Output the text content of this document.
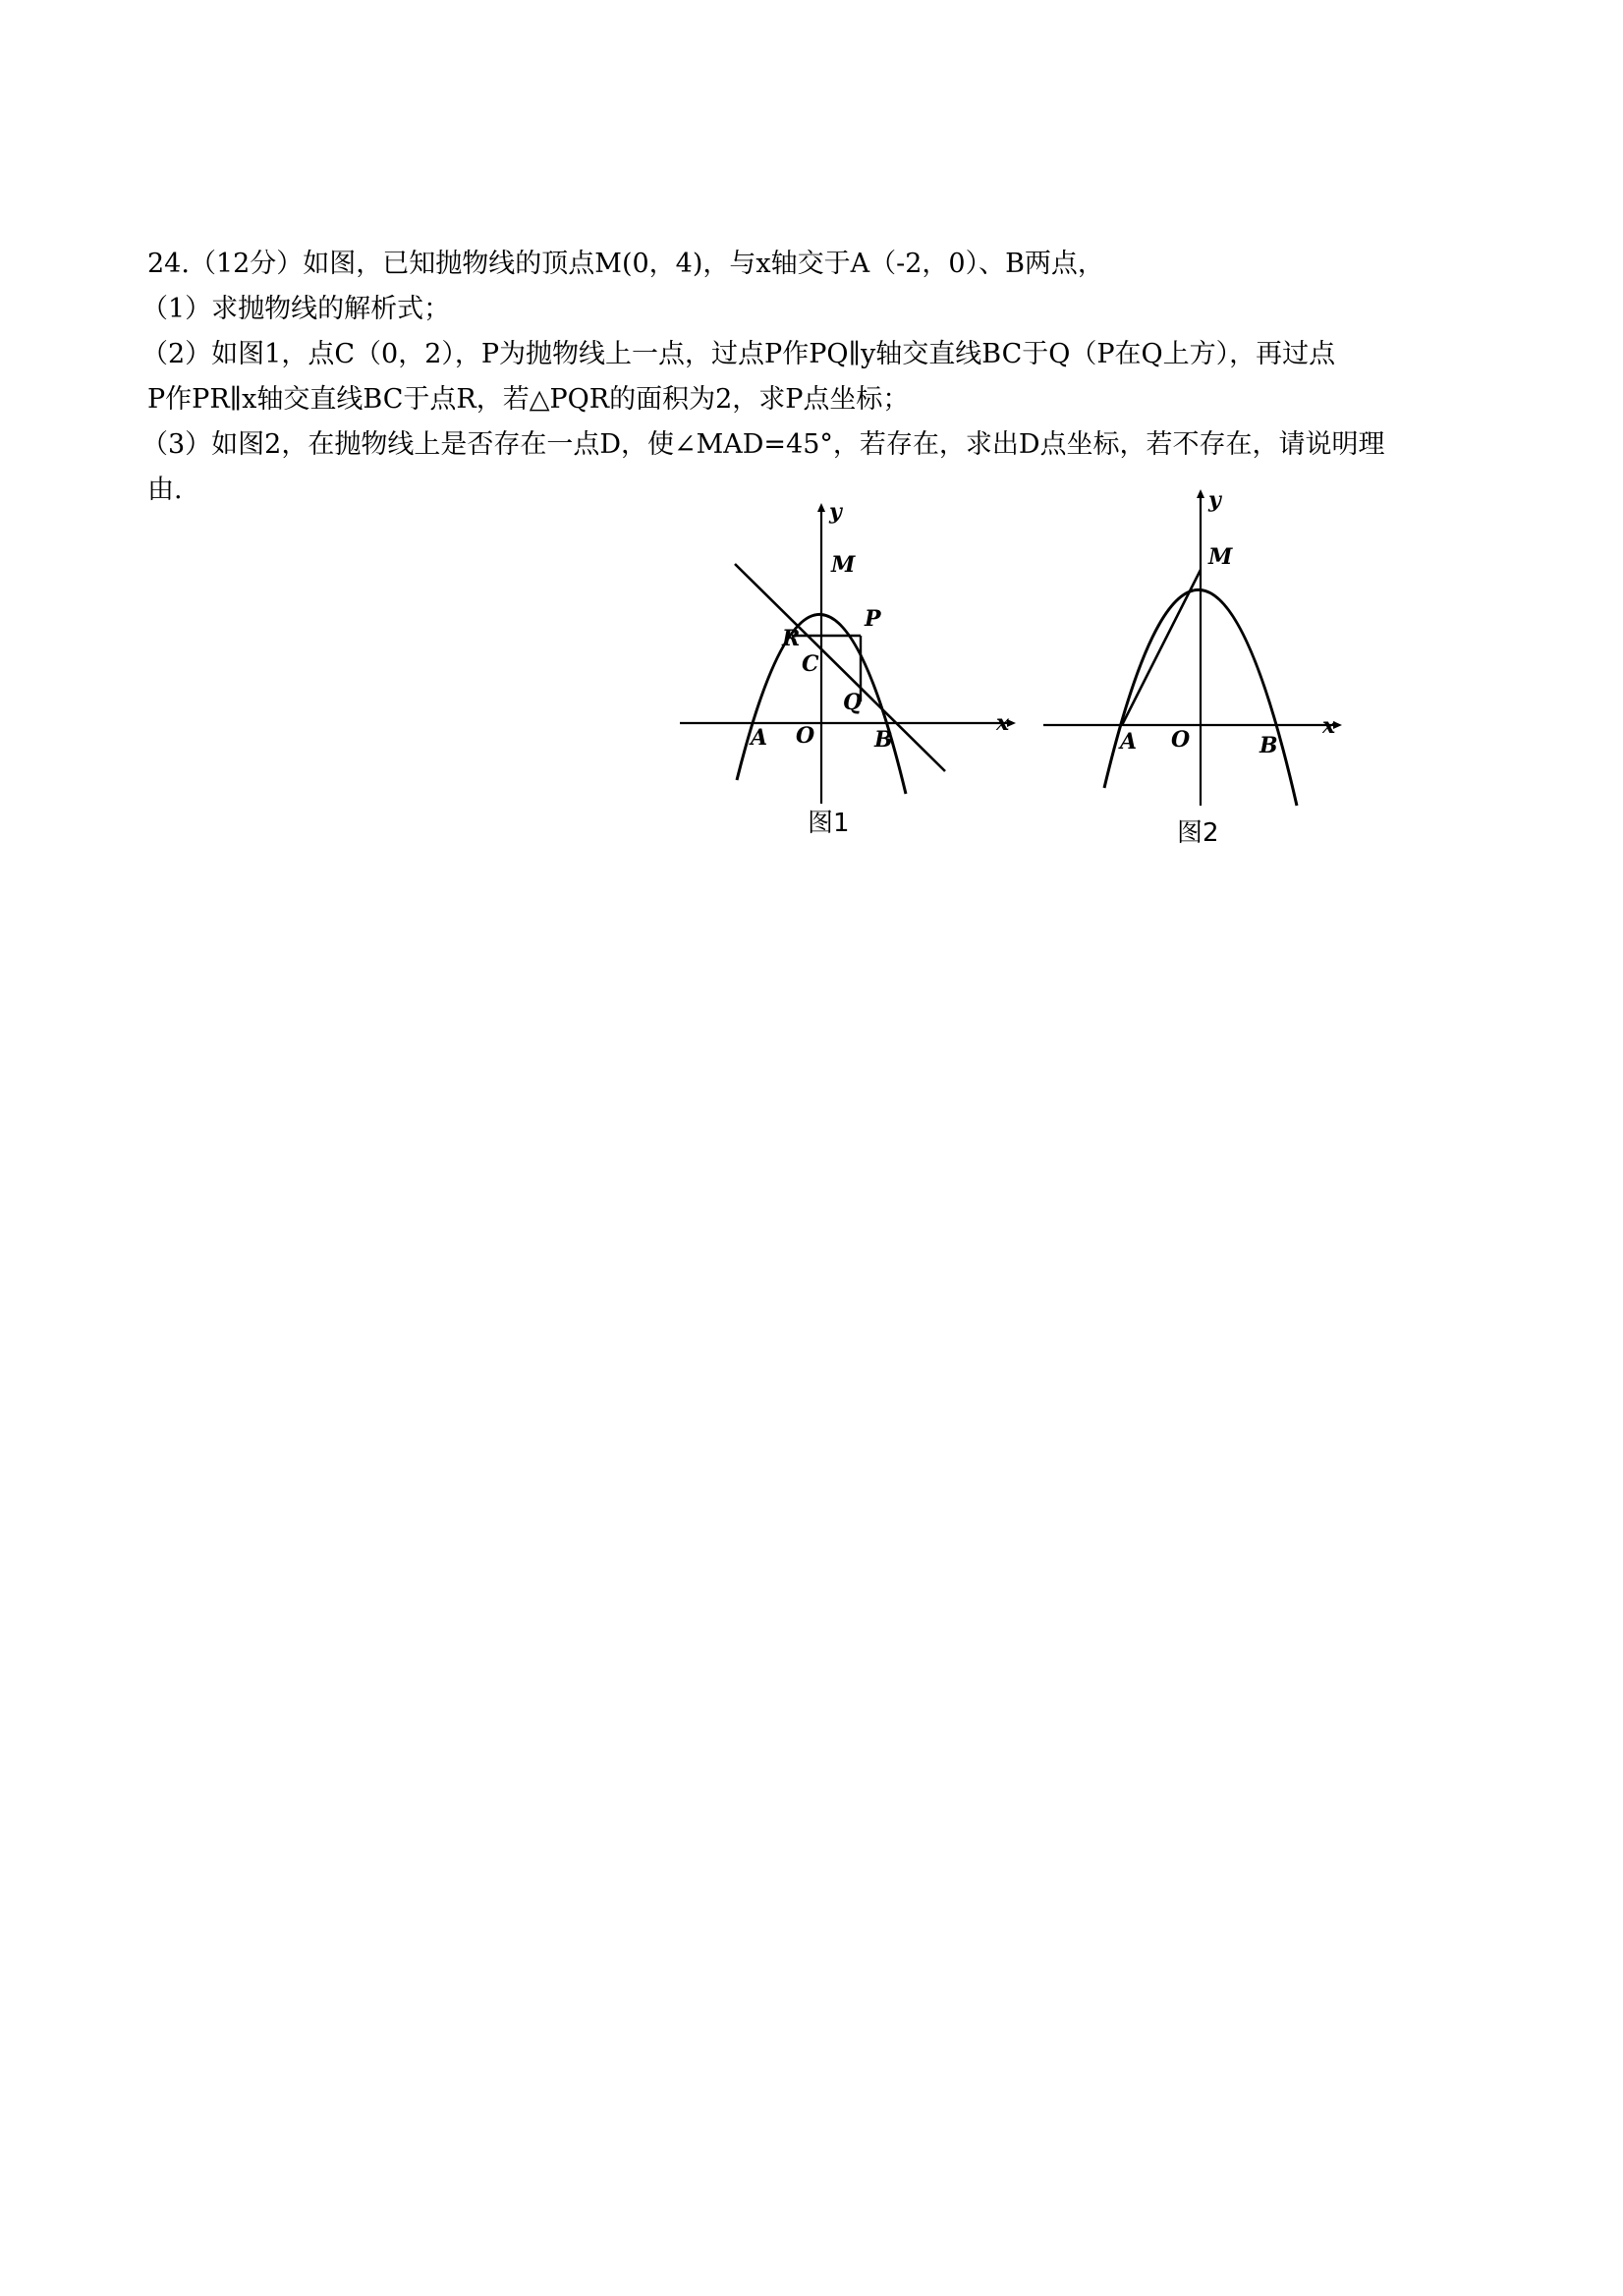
24.（12分）如图，已知抛物线的顶点M(0，4)，与x轴交于A（-2，0）、B两点，

（1）求抛物线的解析式；

（2）如图1，点C（0，2），P为抛物线上一点，过点P作PQ∥y轴交直线BC于Q（P在Q上方），再过点

P作PR∥x轴交直线BC于点R，若△PQR的面积为2，求P点坐标；

（3）如图2，在抛物线上是否存在一点D，使∠MAD=45°，若存在，求出D点坐标，若不存在，请说明理

由.

y
x
M
P
R
C
Q
A O	B
图1
y
x
M
A O	B
图2
